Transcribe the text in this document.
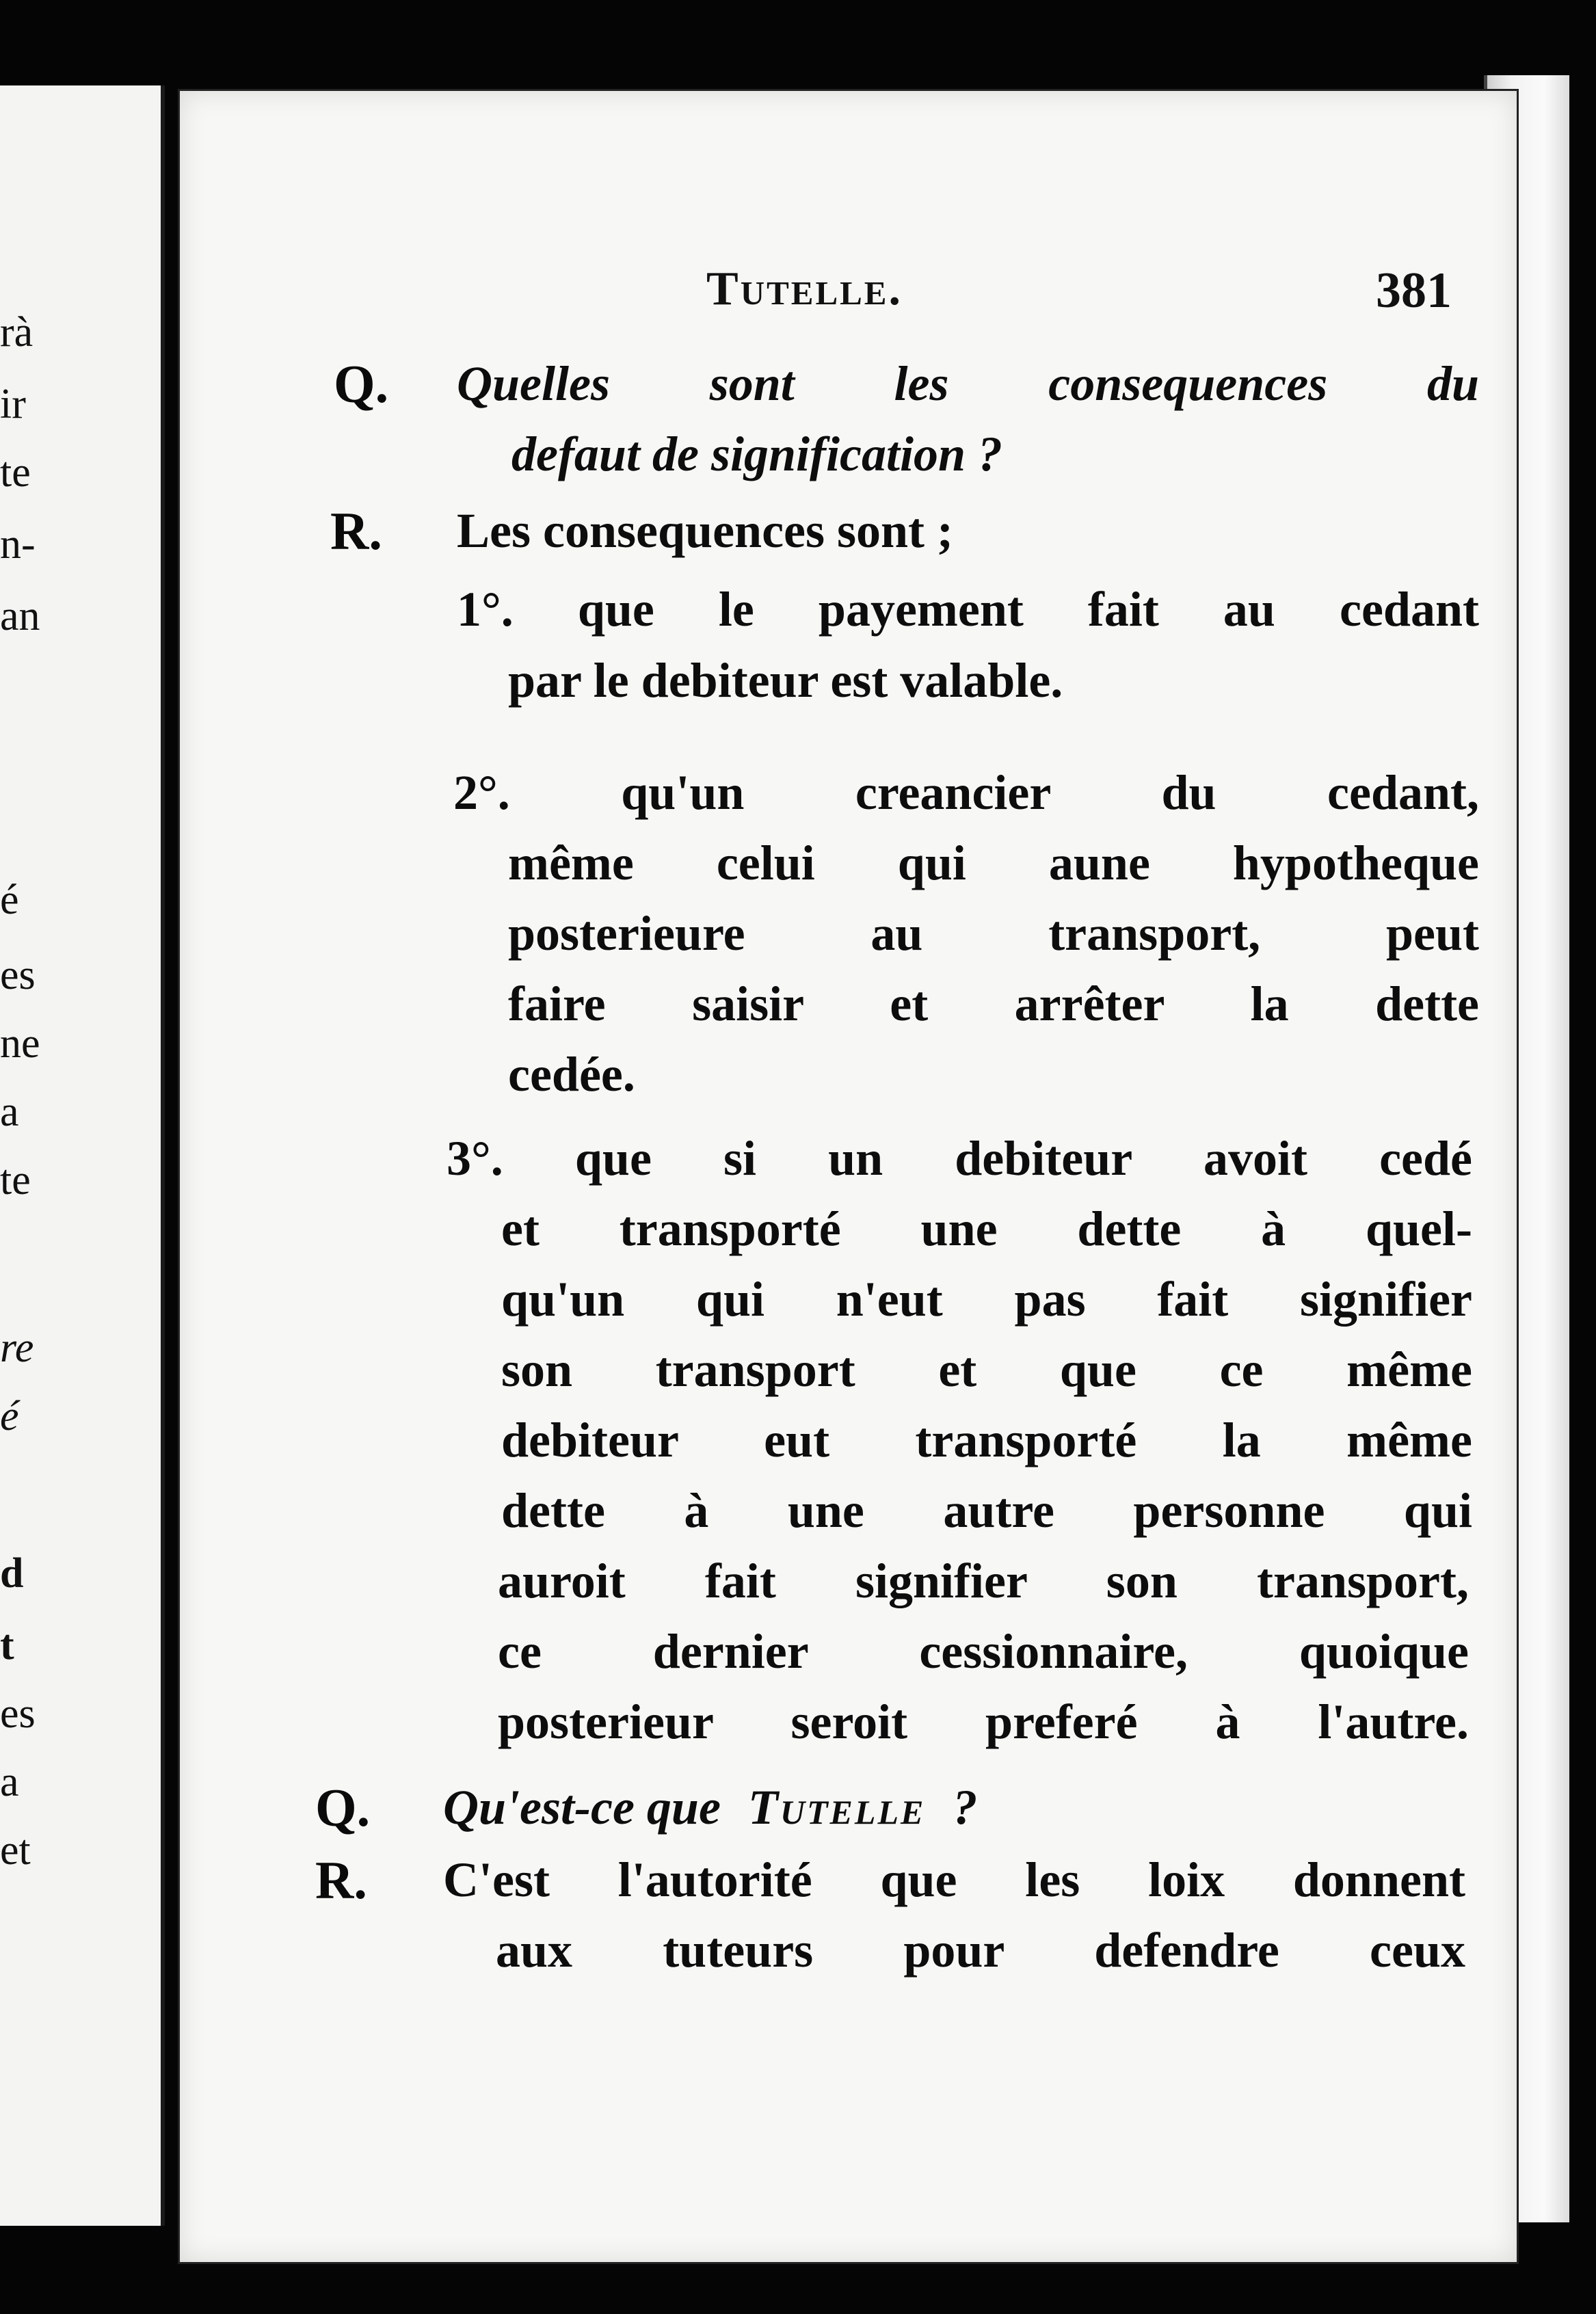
rà
ir
te
n-
an
é
es
ne
a
te
re
é
d
t
es
a
et
Tutelle.	381
Q. Quelles sont les consequences du
defaut de signification ?
R. Les consequences sont ;
1°. que le payement fait au cedant
par le debiteur est valable.
2°. qu'un creancier du cedant,
même celui qui aune hypotheque
posterieure au transport, peut
faire saisir et arrêter la dette
cedée.
3°. que si un debiteur avoit cedé
et transporté une dette à quel-
qu'un qui n'eut pas fait signifier
son transport et que ce même
debiteur eut transporté la même
dette à une autre personne qui
auroit fait signifier son transport,
ce dernier cessionnaire, quoique
posterieur seroit preferé à l'autre.
Q. Qu'est-ce que Tutelle ?
R. C'est l'autorité que les loix donnent
aux tuteurs pour defendre ceux
